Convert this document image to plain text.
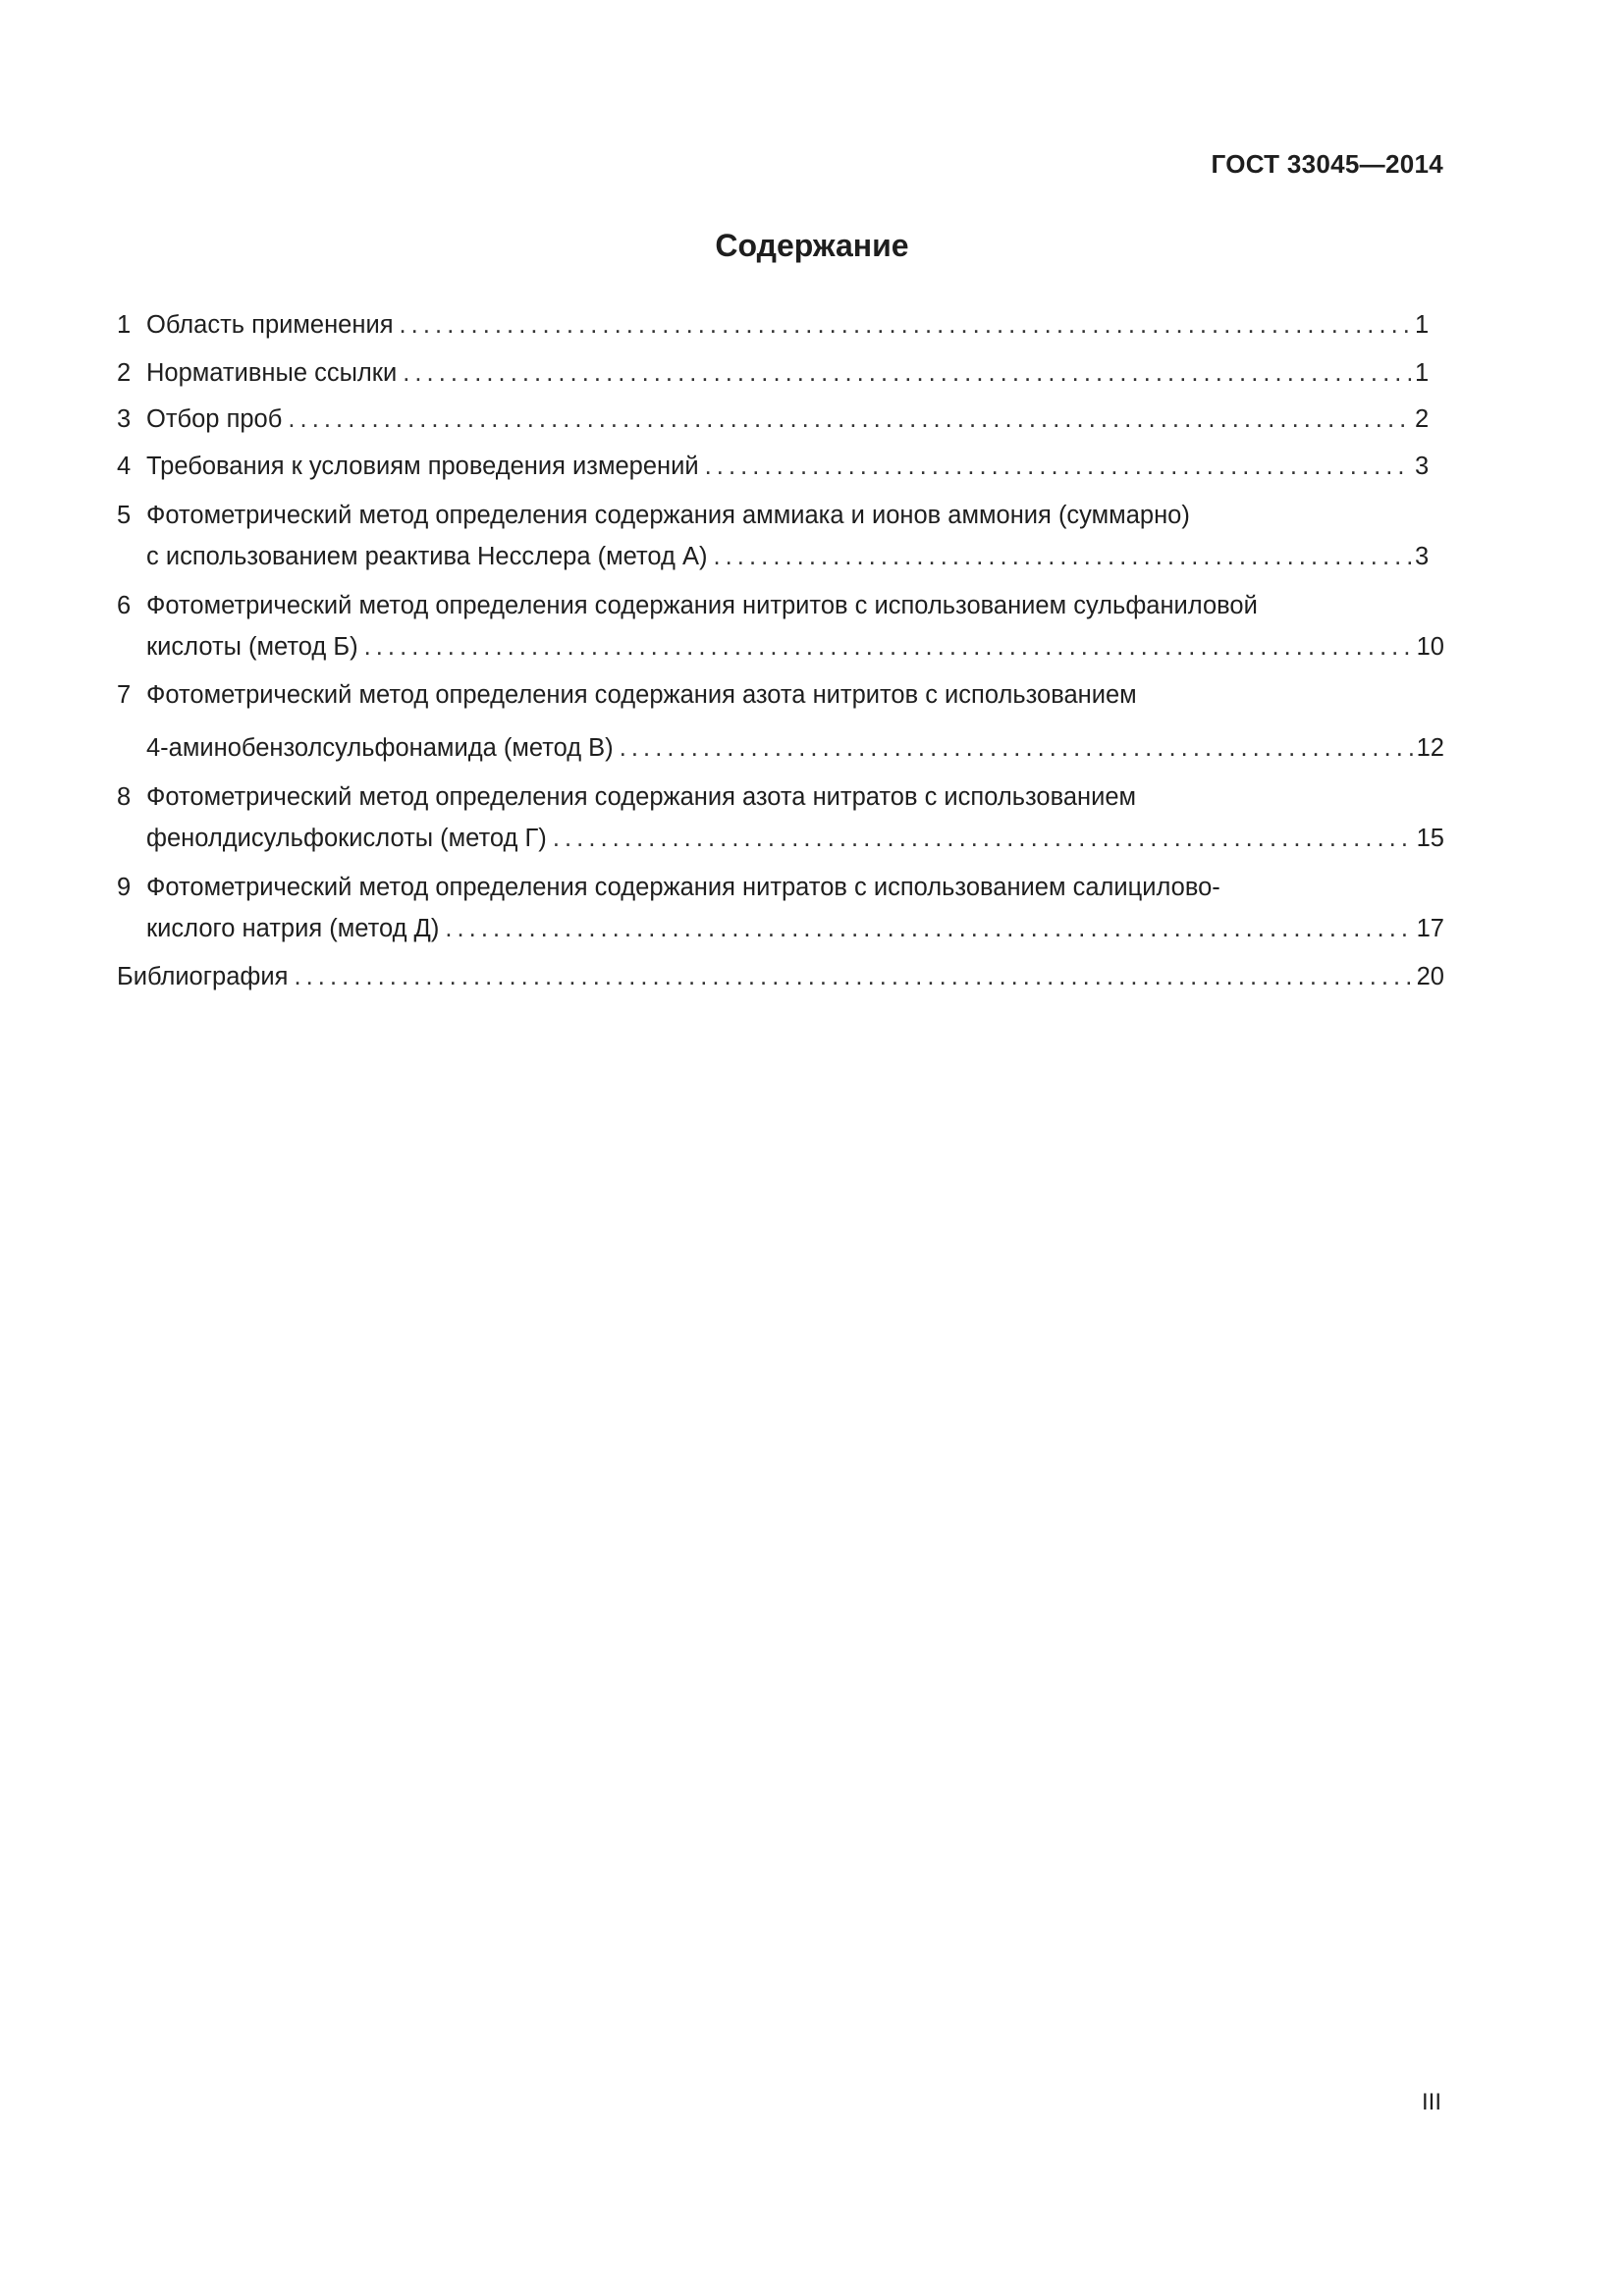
ГОСТ 33045—2014
Содержание
1 Область применения . . .	1
2 Нормативные ссылки . . .	1
3 Отбор проб . . .	2
4 Требования к условиям проведения измерений . . .	3
5 Фотометрический метод определения содержания аммиака и ионов аммония (суммарно)
с использованием реактива Несслера (метод А) . . .	3
6 Фотометрический метод определения содержания нитритов с использованием сульфаниловой
кислоты (метод Б) . . .	10
7 Фотометрический метод определения содержания азота нитритов с использованием
4-аминобензолсульфонамида (метод В) . . .	12
8 Фотометрический метод определения содержания азота нитратов с использованием
фенолдисульфокислоты (метод Г) . . .	15
9 Фотометрический метод определения содержания нитратов с использованием салицилово-
кислого натрия (метод Д) . . .	17
Библиография . . .	20
III
